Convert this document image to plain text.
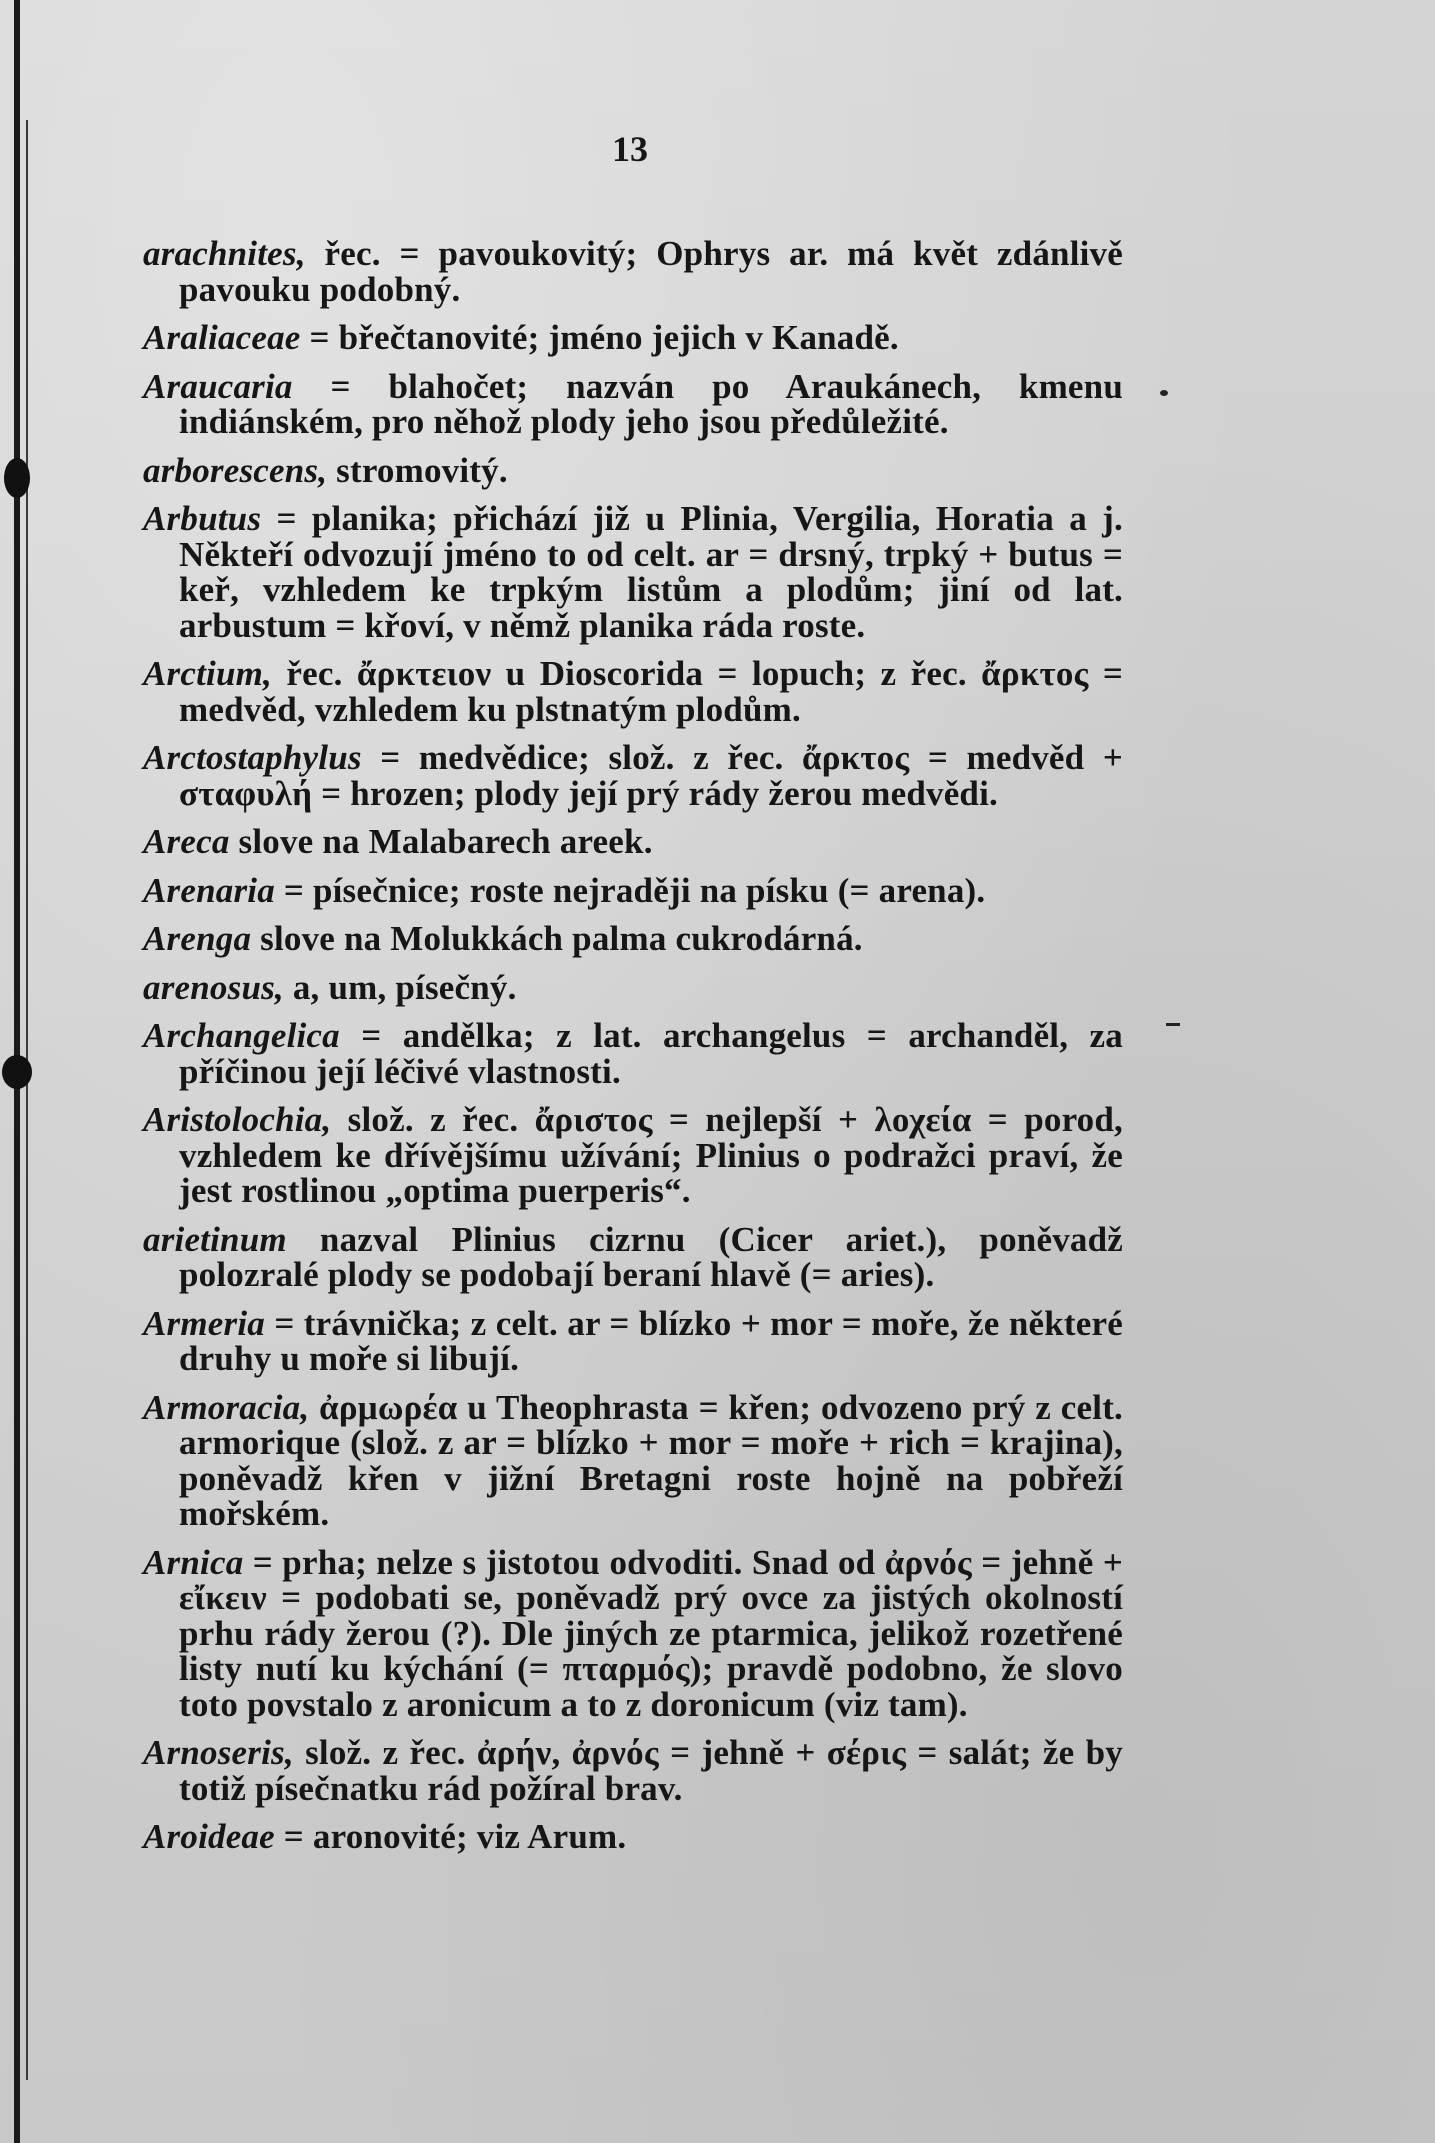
13

arachnites, řec. = pavoukovitý; Ophrys ar. má květ zdánlivě pavouku podobný.

Araliaceae = břečtanovité; jméno jejich v Kanadě.

Araucaria = blahočet; nazván po Araukánech, kmenu indiánském, pro něhož plody jeho jsou předůležité.

arborescens, stromovitý.

Arbutus = planika; přichází již u Plinia, Vergilia, Horatia a j. Někteří odvozují jméno to od celt. ar = drsný, trpký + butus = keř, vzhledem ke trpkým listům a plodům; jiní od lat. arbustum = křoví, v němž planika ráda roste.

Arctium, řec. ἄρκτειον u Dioscorida = lopuch; z řec. ἄρκτος = medvěd, vzhledem ku plstnatým plodům.

Arctostaphylus = medvědice; slož. z řec. ἄρκτος = medvěd + σταφυλή = hrozen; plody její prý rády žerou medvědi.

Areca slove na Malabarech areek.

Arenaria = písečnice; roste nejraději na písku (= arena).

Arenga slove na Molukkách palma cukrodárná.

arenosus, a, um, písečný.

Archangelica = andělka; z lat. archangelus = archanděl, za příčinou její léčivé vlastnosti.

Aristolochia, slož. z řec. ἄριστος = nejlepší + λοχεία = porod, vzhledem ke dřívějšímu užívání; Plinius o podražci praví, že jest rostlinou „optima puerperis“.

arietinum nazval Plinius cizrnu (Cicer ariet.), poněvadž polozralé plody se podobají beraní hlavě (= aries).

Armeria = trávnička; z celt. ar = blízko + mor = moře, že některé druhy u moře si libují.

Armoracia, ἀρμωρέα u Theophrasta = křen; odvozeno prý z celt. armorique (slož. z ar = blízko + mor = moře + rich = krajina), poněvadž křen v jižní Bretagni roste hojně na pobřeží mořském.

Arnica = prha; nelze s jistotou odvoditi. Snad od ἀρνός = jehně + εἴκειν = podobati se, poněvadž prý ovce za jistých okolností prhu rády žerou (?). Dle jiných ze ptarmica, jelikož rozetřené listy nutí ku kýchání (= πταρμός); pravdě podobno, že slovo toto povstalo z aronicum a to z doronicum (viz tam).

Arnoseris, slož. z řec. ἀρήν, ἀρνός = jehně + σέρις = salát; že by totiž písečnatku rád požíral brav.

Aroideae = aronovité; viz Arum.
